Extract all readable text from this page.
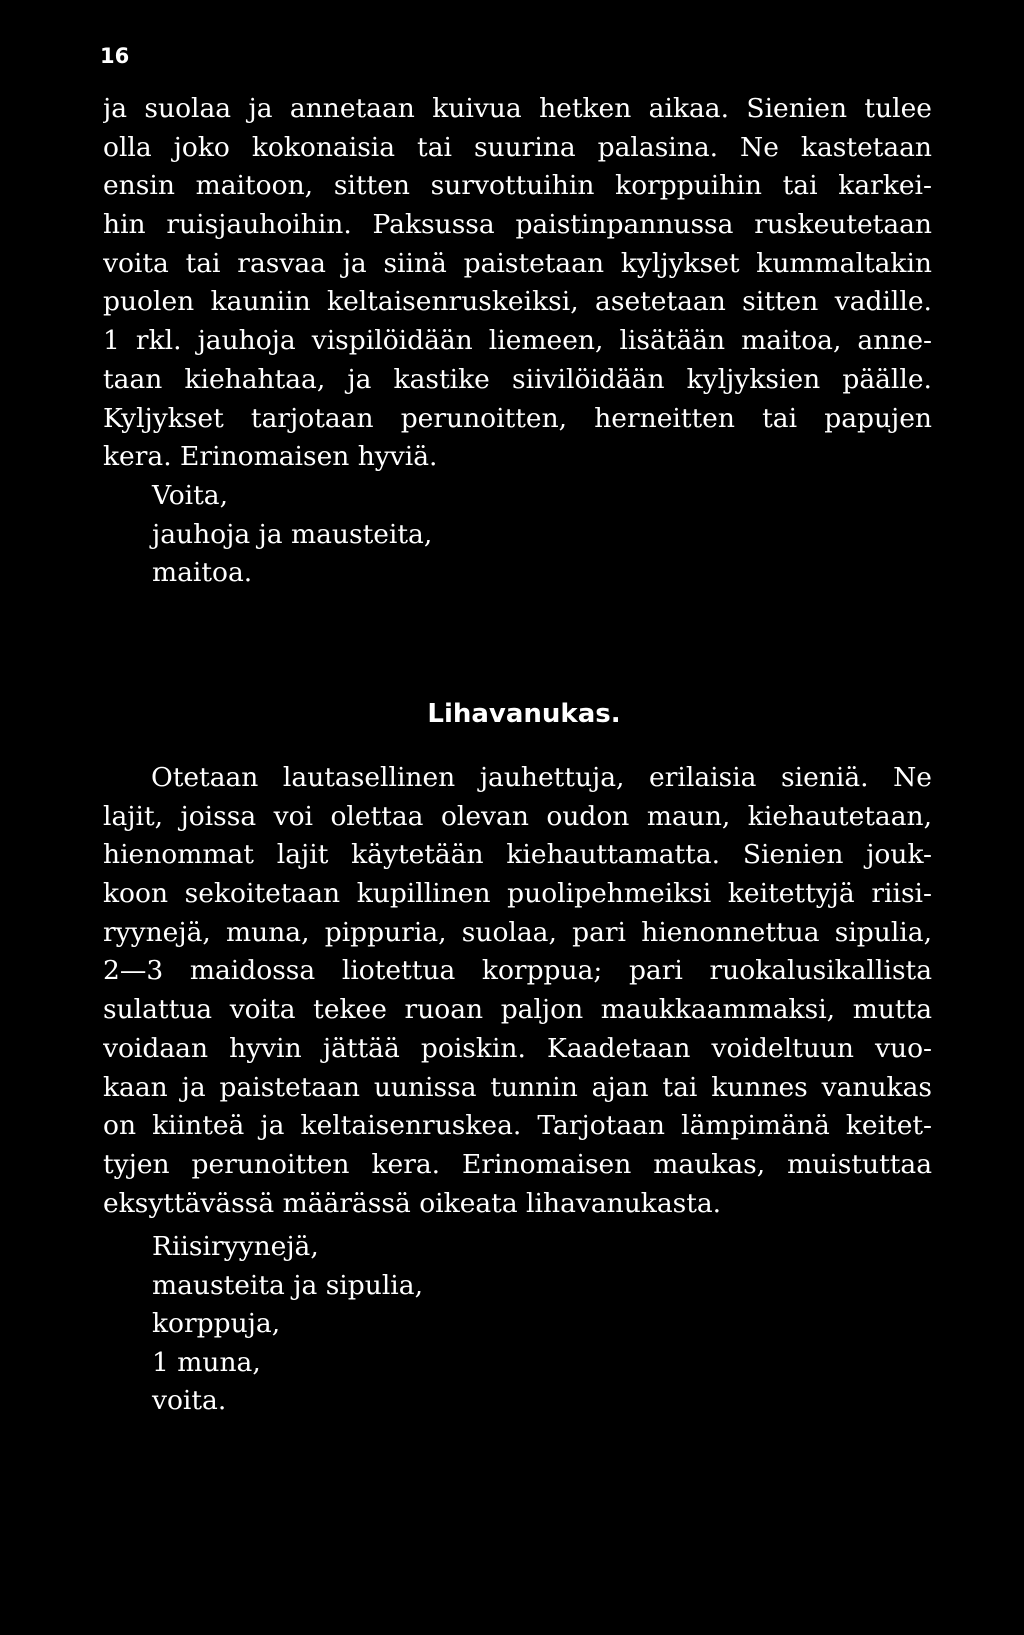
16
ja suolaa ja annetaan kuivua hetken aikaa. Sienien tulee
olla joko kokonaisia tai suurina palasina. Ne kastetaan
ensin maitoon, sitten survottuihin korppuihin tai karkei-
hin ruisjauhoihin. Paksussa paistinpannussa ruskeutetaan
voita tai rasvaa ja siinä paistetaan kyljykset kummaltakin
puolen kauniin keltaisenruskeiksi, asetetaan sitten vadille.
1 rkl. jauhoja vispilöidään liemeen, lisätään maitoa, anne-
taan kiehahtaa, ja kastike siivilöidään kyljyksien päälle.
Kyljykset tarjotaan perunoitten, herneitten tai papujen
kera. Erinomaisen hyviä.
Voita,
jauhoja ja mausteita,
maitoa.
Lihavanukas.
Otetaan lautasellinen jauhettuja, erilaisia sieniä. Ne
lajit, joissa voi olettaa olevan oudon maun, kiehautetaan,
hienommat lajit käytetään kiehauttamatta. Sienien jouk-
koon sekoitetaan kupillinen puolipehmeiksi keitettyjä riisi-
ryynejä, muna, pippuria, suolaa, pari hienonnettua sipulia,
2—3 maidossa liotettua korppua; pari ruokalusikallista
sulattua voita tekee ruoan paljon maukkaammaksi, mutta
voidaan hyvin jättää poiskin. Kaadetaan voideltuun vuo-
kaan ja paistetaan uunissa tunnin ajan tai kunnes vanukas
on kiinteä ja keltaisenruskea. Tarjotaan lämpimänä keitet-
tyjen perunoitten kera. Erinomaisen maukas, muistuttaa
eksyttävässä määrässä oikeata lihavanukasta.
Riisiryynejä,
mausteita ja sipulia,
korppuja,
1 muna,
voita.
